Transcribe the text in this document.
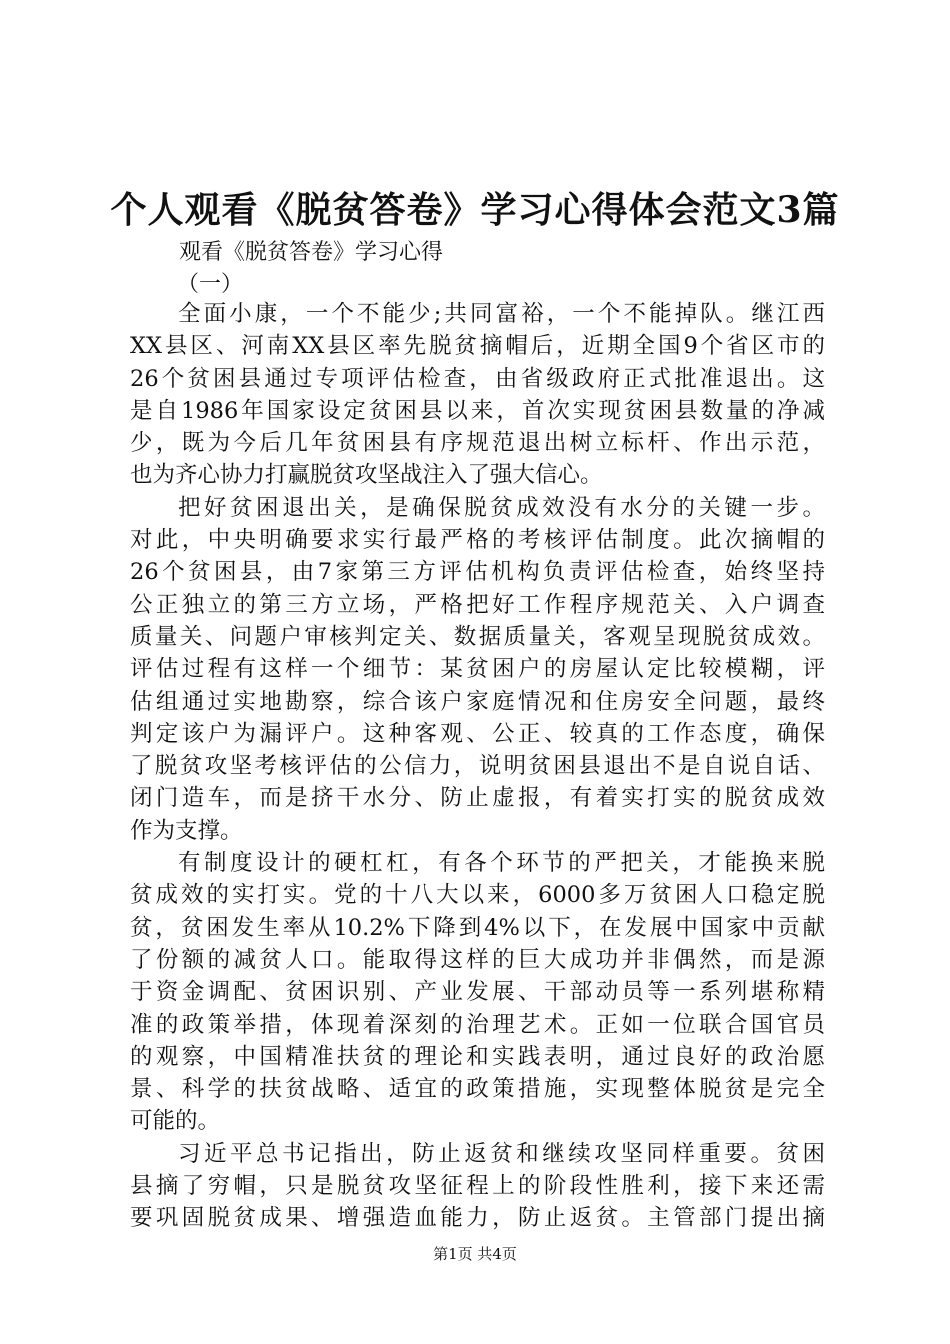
个人观看《脱贫答卷》学习心得体会范文3篇
观看《脱贫答卷》学习心得
（一）
全面小康，一个不能少;共同富裕，一个不能掉队。继江西
XX县区、河南XX县区率先脱贫摘帽后，近期全国9个省区市的
26个贫困县通过专项评估检查，由省级政府正式批准退出。这
是自1986年国家设定贫困县以来，首次实现贫困县数量的净减
少，既为今后几年贫困县有序规范退出树立标杆、作出示范，
也为齐心协力打赢脱贫攻坚战注入了强大信心。
把好贫困退出关，是确保脱贫成效没有水分的关键一步。
对此，中央明确要求实行最严格的考核评估制度。此次摘帽的
26个贫困县，由7家第三方评估机构负责评估检查，始终坚持
公正独立的第三方立场，严格把好工作程序规范关、入户调查
质量关、问题户审核判定关、数据质量关，客观呈现脱贫成效。
评估过程有这样一个细节：某贫困户的房屋认定比较模糊，评
估组通过实地勘察，综合该户家庭情况和住房安全问题，最终
判定该户为漏评户。这种客观、公正、较真的工作态度，确保
了脱贫攻坚考核评估的公信力，说明贫困县退出不是自说自话、
闭门造车，而是挤干水分、防止虚报，有着实打实的脱贫成效
作为支撑。
有制度设计的硬杠杠，有各个环节的严把关，才能换来脱
贫成效的实打实。党的十八大以来，6000多万贫困人口稳定脱
贫，贫困发生率从10.2%下降到4%以下，在发展中国家中贡献
了份额的减贫人口。能取得这样的巨大成功并非偶然，而是源
于资金调配、贫困识别、产业发展、干部动员等一系列堪称精
准的政策举措，体现着深刻的治理艺术。正如一位联合国官员
的观察，中国精准扶贫的理论和实践表明，通过良好的政治愿
景、科学的扶贫战略、适宜的政策措施，实现整体脱贫是完全
可能的。
习近平总书记指出，防止返贫和继续攻坚同样重要。贫困
县摘了穷帽，只是脱贫攻坚征程上的阶段性胜利，接下来还需
要巩固脱贫成果、增强造血能力，防止返贫。主管部门提出摘
第1页 共4页
